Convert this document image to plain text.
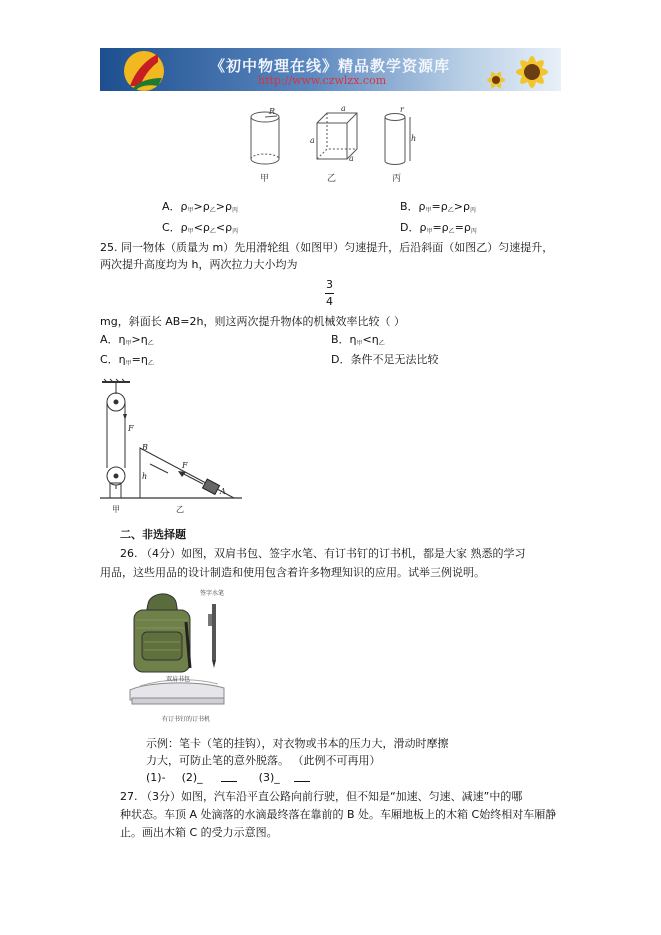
《初中物理在线》精品教学资源库
http://www.czwlzx.com
R	a
a
a
r
h
甲	乙	丙
A．$\rho_甲>\rho_乙>\rho_丙$	B．$\rho_甲=\rho_乙>\rho_丙$
C．$\rho_甲<\rho_乙<\rho_丙$	D．$\rho_甲=\rho_乙=\rho_丙$
25. 同一物体（质量为 m）先用滑轮组（如图甲）匀速提升，后沿斜面（如图乙）匀速提升，
两次提升高度均为 h，两次拉力大小均为
3
4
mg，斜面长 AB=2h，则这两次提升物体的机械效率比较（ ）
A．$\eta_甲>\eta_乙$	B．$\eta_甲<\eta_乙$
C．$\eta_甲=\eta_乙$	D．条件不足无法比较
F
B
F
h
A
甲	乙
二、非选择题
26. （4分）如图，双肩书包、签字水笔、有订书钉的订书机，都是大家 熟悉的学习
用品，这些用品的设计制造和使用包含着许多物理知识的应用。试举三例说明。
签字水笔
双肩书包
有订书钉的订书机
示例：笔卡（笔的挂钩），对衣物或书本的压力大，滑动时摩擦
力大，可防止笔的意外脱落。 （此例不可再用）
(1)- (2)_	(3)_
27. （3分）如图，汽车沿平直公路向前行驶，但不知是“加速、匀速、减速”中的哪
种状态。车顶 A 处滴落的水滴最终落在靠前的 B 处。车厢地板上的木箱 C始终相对车厢静
止。画出木箱 C 的受力示意图。
